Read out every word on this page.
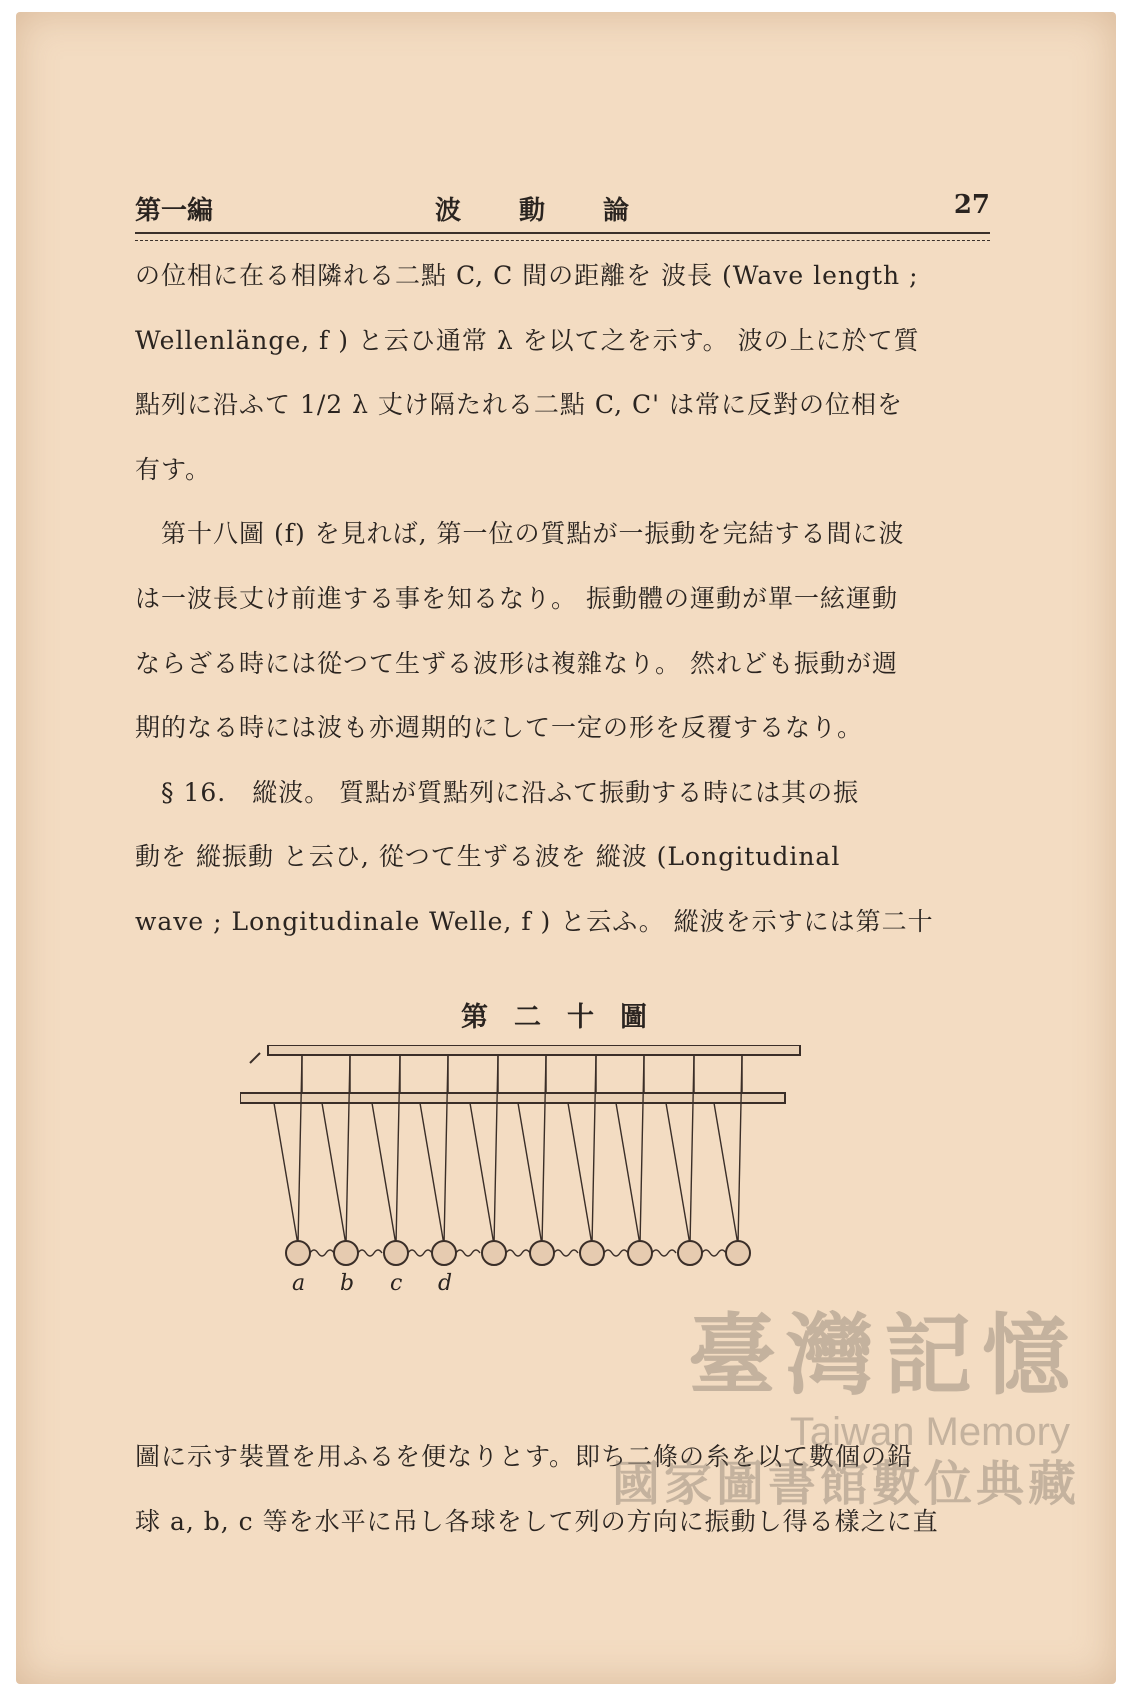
第一編	波動論	27
の位相に在る相隣れる二點 C, C 間の距離を 波長 (Wave length ;
Wellenlänge, f ) と云ひ通常 λ を以て之を示す。 波の上に於て質
點列に沿ふて 1/2 λ 丈け隔たれる二點 C, C' は常に反對の位相を
有す。
　第十八圖 (f) を見れば, 第一位の質點が一振動を完結する間に波
は一波長丈け前進する事を知るなり。 振動體の運動が單一絃運動
ならざる時には從つて生ずる波形は複雜なり。 然れども振動が週
期的なる時には波も亦週期的にして一定の形を反覆するなり。
　§ 16.　縱波。 質點が質點列に沿ふて振動する時には其の振
動を 縱振動 と云ひ, 從つて生ずる波を 縱波 (Longitudinal
wave ; Longitudinale Welle, f ) と云ふ。 縱波を示すには第二十
第二十圖
a b c d
圖に示す裝置を用ふるを便なりとす。即ち二條の糸を以て數個の鉛
球 a, b, c 等を水平に吊し各球をして列の方向に振動し得る樣之に直
臺灣記憶
Taiwan Memory
國家圖書館數位典藏
